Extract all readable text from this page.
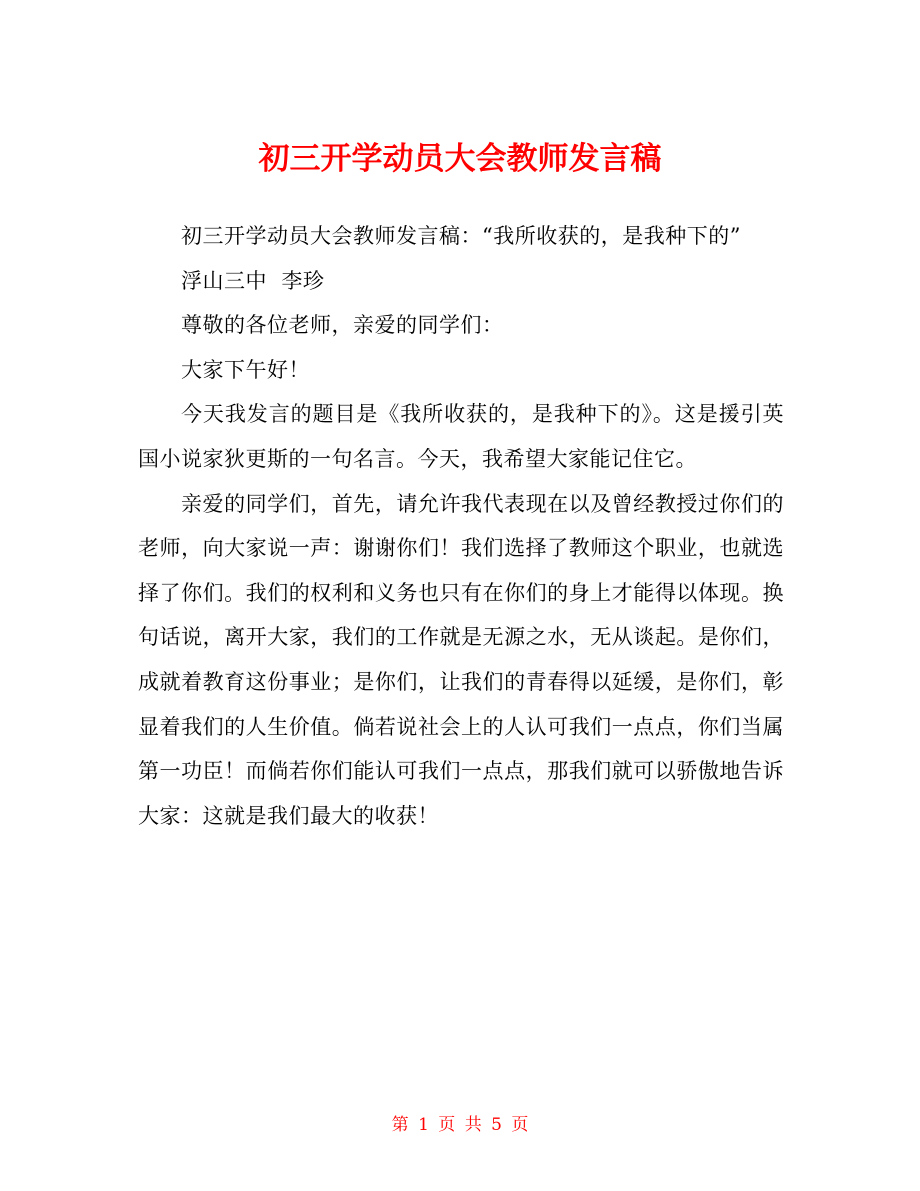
初三开学动员大会教师发言稿

初三开学动员大会教师发言稿：“我所收获的，是我种下的”

浮山三中  李珍

尊敬的各位老师，亲爱的同学们：

大家下午好！

今天我发言的题目是《我所收获的，是我种下的》。这是援引英国小说家狄更斯的一句名言。今天，我希望大家能记住它。

亲爱的同学们，首先，请允许我代表现在以及曾经教授过你们的老师，向大家说一声：谢谢你们！我们选择了教师这个职业，也就选择了你们。我们的权利和义务也只有在你们的身上才能得以体现。换句话说，离开大家，我们的工作就是无源之水，无从谈起。是你们，成就着教育这份事业；是你们，让我们的青春得以延缓，是你们，彰显着我们的人生价值。倘若说社会上的人认可我们一点点，你们当属第一功臣！而倘若你们能认可我们一点点，那我们就可以骄傲地告诉大家：这就是我们最大的收获！

第 1 页 共 5 页
